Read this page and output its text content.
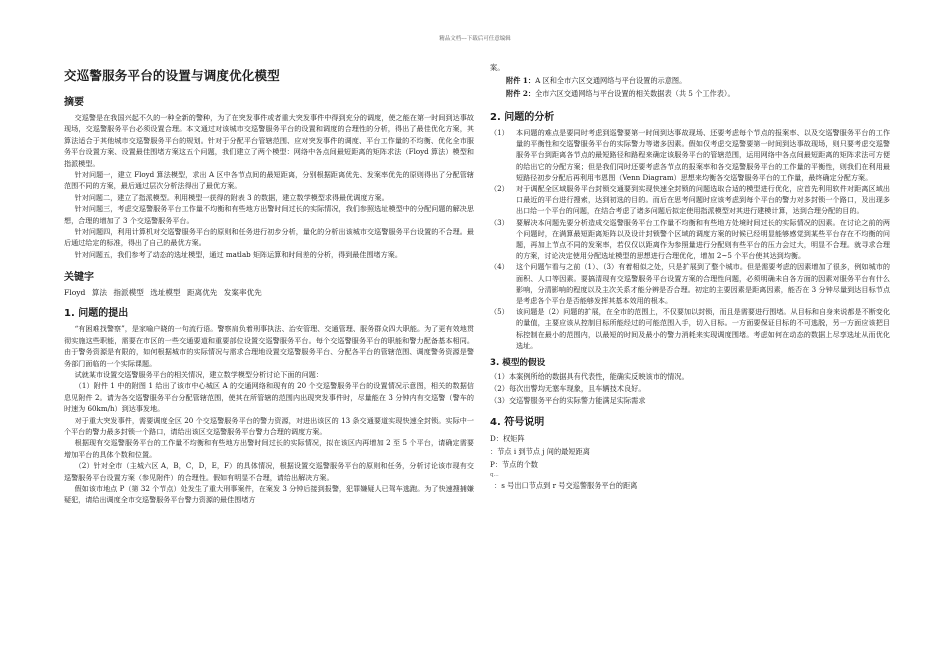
精品文档---下载后可任意编辑
交巡警服务平台的设置与调度优化模型
摘要

交巡警是在我国兴起不久的一种全新的警种，为了在突发事件或者重大突发事件中得到充分的调度，使之能在第一时间到达事故现场，交巡警服务平台必须设置合理。本文通过对该城市交巡警服务平台的设置和调度的合理性的分析，得出了最佳优化方案，其算法适合于其他城市交巡警服务平台的规划。针对于分配平台管辖范围、应对突发事件的调度、平台工作量的不均衡、优化全市服务平台设置方案、设置最佳围堵方案这五个问题，我们建立了两个模型：网络中各点间最短距离的矩阵求法（Floyd 算法）模型和指派模型。

针对问题一，建立 Floyd 算法模型，求出 A 区中各节点间的最短距离，分别根据距离优先、发案率优先的原则得出了分配管辖范围不同的方案，最后通过层次分析法得出了最优方案。

针对问题二，建立了指派模型。利用模型一获得的附表 3 的数据，建立数学模型求得最优调度方案。

针对问题三，考虑交巡警服务平台工作量不均衡和有些地方出警时间过长的实际情况，我们参照选址模型中的分配问题的解决思想，合理的增加了 3 个交巡警服务平台。

针对问题四，利用计算机对交巡警服务平台的原则和任务进行初步分析，量化的分析出该城市交巡警服务平台设置的不合理。最后通过给定的标准，得出了自己的最优方案。

针对问题五，我们参考了动态的选址模型，通过 matlab 矩阵运算和时间差的分析，得到最佳围堵方案。

关键字
Floyd 算法 指派模型 选址模型 距离优先 发案率优先
1. 问题的提出

“有困难找警察”，是家喻户晓的一句流行语。警察肩负着刑事执法、治安管理、交通管理、服务群众四大职能。为了更有效地贯彻实施这些职能，需要在市区的一些交通要道和重要部位设置交巡警服务平台。每个交巡警服务平台的职能和警力配备基本相同。由于警务资源是有限的，如何根据城市的实际情况与需求合理地设置交巡警服务平台、分配各平台的管辖范围、调度警务资源是警务部门面临的一个实际课题。

试就某市设置交巡警服务平台的相关情况，建立数学模型分析讨论下面的问题：

（1）附件 1 中的附图 1 给出了该市中心城区 A 的交通网络和现有的 20 个交巡警服务平台的设置情况示意图，相关的数据信息见附件 2。请为各交巡警服务平台分配管辖范围，使其在所管辖的范围内出现突发事件时，尽量能在 3 分钟内有交巡警（警车的时速为 60km/h）到达事发地。

对于重大突发事件，需要调度全区 20 个交巡警服务平台的警力资源，对进出该区的 13 条交通要道实现快速全封锁。实际中一个平台的警力最多封锁一个路口，请给出该区交巡警服务平台警力合理的调度方案。

根据现有交巡警服务平台的工作量不均衡和有些地方出警时间过长的实际情况，拟在该区内再增加 2 至 5 个平台，请确定需要增加平台的具体个数和位置。

（2）针对全市（主城六区 A，B，C，D，E，F）的具体情况，根据设置交巡警服务平台的原则和任务，分析讨论该市现有交巡警服务平台设置方案（参见附件）的合理性。假如有明显不合理，请给出解决方案。

假如该市地点 P（第 32 个节点）处发生了重大刑事案件，在案发 3 分钟后接到报警，犯罪嫌疑人已驾车逃跑。为了快速搜捕嫌疑犯，请给出调度全市交巡警服务平台警力资源的最佳围堵方

案。
附件 1：A 区和全市六区交通网络与平台设置的示意图。
附件 2：全市六区交通网络与平台设置的相关数据表（共 5 个工作表）。
2. 问题的分析
（1）	本问题的难点是要同时考虑到巡警要第一时间到达事故现场、还要考虑每个节点的报案率、以及交巡警服务平台的工作量的平衡性和交巡警服务平台的实际警力等诸多因素。假如仅考虑交巡警要第一时间到达事故现场，则只要考虑交巡警服务平台到距离各节点的最短路径和路程来确定该服务平台的管辖范围，运用网络中各点间最短距离的矩阵求法可方便的给出它的分配方案；但是我们同时还要考虑各节点的报案率和各交巡警服务平台的工作量的平衡性，则我们在利用最短路径初步分配后再利用韦恩图（Venn Diagram）思想来均衡各交巡警服务平台的工作量，最终确定分配方案。
（2）	对于调配全区域服务平台封锁交通要到实现快速全封锁的问题选取合适的模型进行优化，应首先利用软件对距离区域出口最近的平台进行搜索，达到初选的目的。而后在思考问题时应该考虑到每个平台的警力对多封锁一个路口，及出现多出口给一个平台的问题，在结合考虑了诸多问题后拟定使用指派模型对其进行建模计算，达到合理分配的目的。
（3）	要解决本问题先要分析造成交巡警服务平台工作量不均衡和有些地方处境时间过长的实际情况的因素。在讨论之前的两个问题时，在满算最短距离矩阵以及设计封锁警个区域的调度方案的时候已经明显能够感觉到某些平台存在不均衡的问题，再加上节点不同的发案率，若仅仅以距离作为参照量进行分配则有些平台的压力会过大，明显不合理。就寻求合理的方案，讨论决定使用分配选址模型的思想进行合理优化，增加 2~5 个平台使其达到均衡。
（4）	这个问题乍看与之前（1）、（3）有着相似之处，只是扩展到了整个城市。但是需要考虑的因素增加了很多，例如城市的面积、人口等因素。要搞清现有交巡警服务平台设置方案的合理性问题，必须明确未自各方面的因素对服务平台有什么影响，分清影响的程度以及主次关系才能分辨是否合理。初定的主要因素是距离因素，能否在 3 分钟尽量到达目标节点是考虑各个平台是否能够发挥其基本效用的根本。
（5）	该问题是（2）问题的扩展，在全市的范围上，不仅要加以封锁，而且是需要进行围堵。从目标和自身来说都是不断变化的量值，主要应该从控制目标所能经过的可能范围入手，切入目标。一方面要保证目标的不可逃脱，另一方面应该把目标控制在最小的范围内，以最短的时间及最小的警力消耗来实现调度围堵。考虑如何在动态的数据上尽享选址从而优化选址。
3. 模型的假设
（1）本案例所给的数据具有代表性，能确实反映该市的情况。
（2）每次出警均无塞车现象，且车辆技术良好。
（3）交巡警服务平台的实际警力能满足实际需求
4. 符号说明
D：权矩阵
：节点 i 到节点 j 间的最短距离
P：节点的个数
q...
：s 号出口节点到 r 号交巡警服务平台的距离
